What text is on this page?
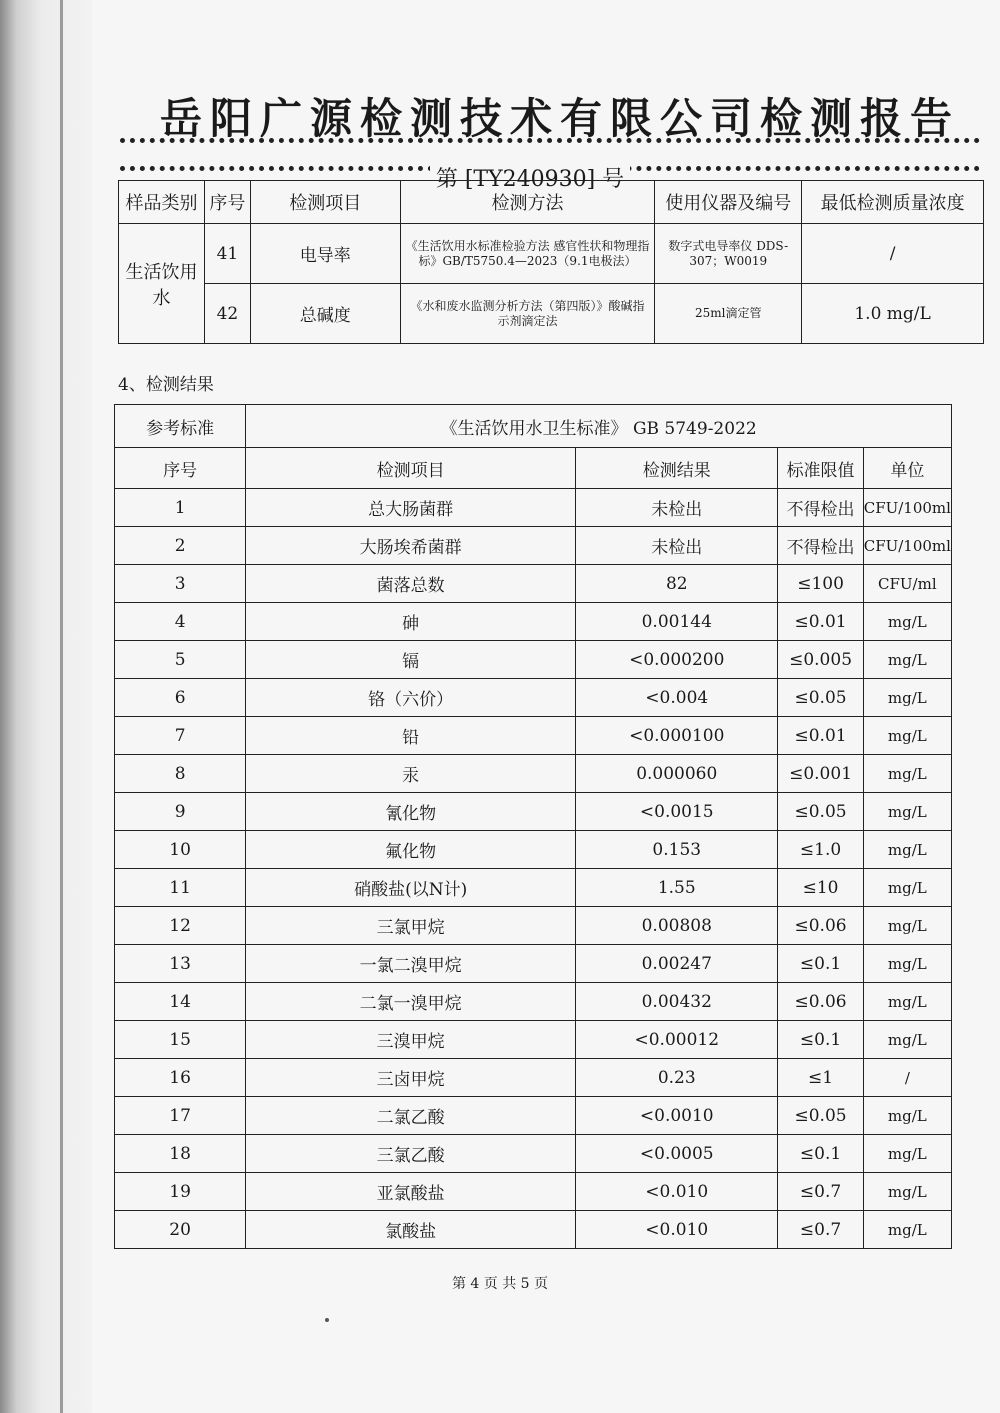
岳阳广源检测技术有限公司检测报告
第 [TY240930] 号
样品类别	序号	检测项目	检测方法	使用仪器及编号	最低检测质量浓度
生活饮用水	41	电导率	《生活饮用水标准检验方法 感官性状和物理指标》GB/T5750.4—2023（9.1电极法）	数字式电导率仪 DDS-307；W0019	/
	42	总碱度	《水和废水监测分析方法（第四版）》酸碱指示剂滴定法	25ml滴定管	1.0 mg/L
4、检测结果
参考标准	《生活饮用水卫生标准》 GB 5749-2022			
序号	检测项目	检测结果	标准限值	单位
1	总大肠菌群	未检出	不得检出	CFU/100ml
2	大肠埃希菌群	未检出	不得检出	CFU/100ml
3	菌落总数	82	≤100	CFU/ml
4	砷	0.00144	≤0.01	mg/L
5	镉	<0.000200	≤0.005	mg/L
6	铬（六价）	<0.004	≤0.05	mg/L
7	铅	<0.000100	≤0.01	mg/L
8	汞	0.000060	≤0.001	mg/L
9	氰化物	<0.0015	≤0.05	mg/L
10	氟化物	0.153	≤1.0	mg/L
11	硝酸盐(以N计)	1.55	≤10	mg/L
12	三氯甲烷	0.00808	≤0.06	mg/L
13	一氯二溴甲烷	0.00247	≤0.1	mg/L
14	二氯一溴甲烷	0.00432	≤0.06	mg/L
15	三溴甲烷	<0.00012	≤0.1	mg/L
16	三卤甲烷	0.23	≤1	/
17	二氯乙酸	<0.0010	≤0.05	mg/L
18	三氯乙酸	<0.0005	≤0.1	mg/L
19	亚氯酸盐	<0.010	≤0.7	mg/L
20	氯酸盐	<0.010	≤0.7	mg/L
第 4 页 共 5 页
